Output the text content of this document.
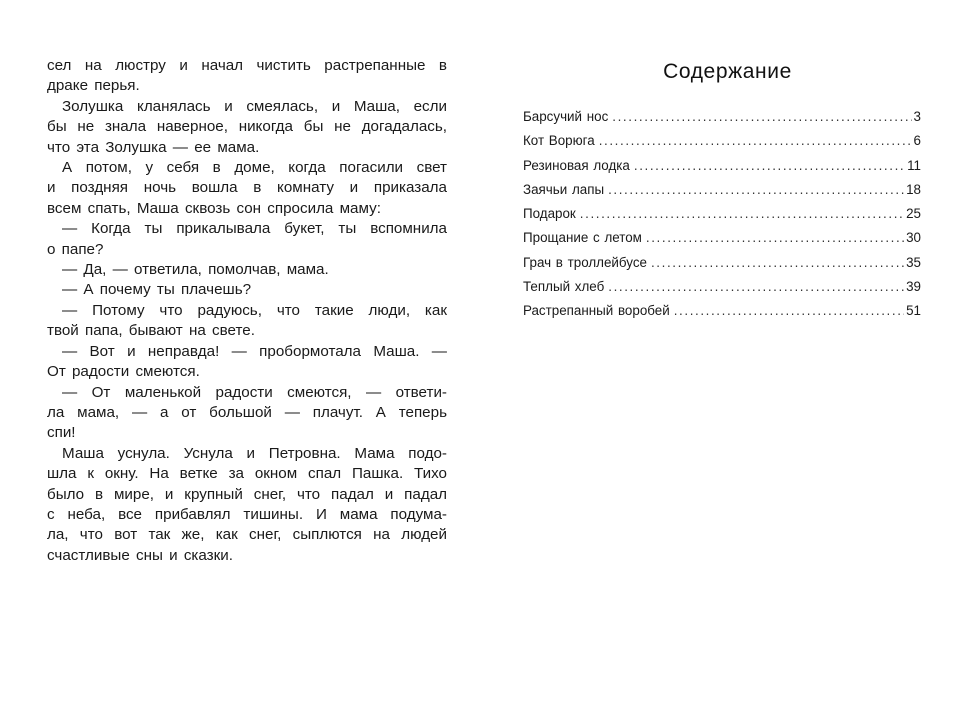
сел на люстру и начал чистить растрепанные в
драке перья.
Золушка кланялась и смеялась, и Маша, если
бы не знала наверное, никогда бы не догадалась,
что эта Золушка — ее мама.
А потом, у себя в доме, когда погасили свет
и поздняя ночь вошла в комнату и приказала
всем спать, Маша сквозь сон спросила маму:
— Когда ты прикалывала букет, ты вспомнила
о папе?
— Да, — ответила, помолчав, мама.
— А почему ты плачешь?
— Потому что радуюсь, что такие люди, как
твой папа, бывают на свете.
— Вот и неправда! — пробормотала Маша. —
От радости смеются.
— От маленькой радости смеются, — ответи-
ла мама, — а от большой — плачут. А теперь
спи!
Маша уснула. Уснула и Петровна. Мама подо-
шла к окну. На ветке за окном спал Пашка. Тихо
было в мире, и крупный снег, что падал и падал
с неба, все прибавлял тишины. И мама подума-
ла, что вот так же, как снег, сыплются на людей
счастливые сны и сказки.
Содержание
Барсучий нос .....	3
Кот Ворюга .....	6
Резиновая лодка .....	11
Заячьи лапы .....	18
Подарок .....	25
Прощание с летом .....	30
Грач в троллейбусе .....	35
Теплый хлеб .....	39
Растрепанный воробей .....	51
